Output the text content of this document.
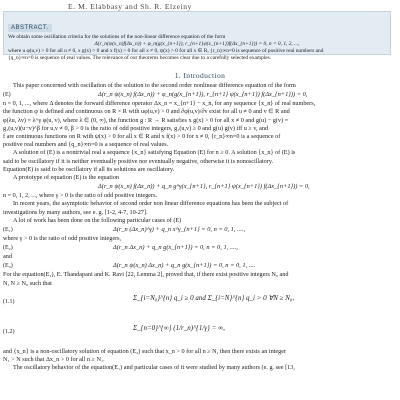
E. M. Elabbasy and Sh. R. Elzeiny
ABSTRACT.

We obtain some oscillation criteria for the solutions of the non-linear difference equation of the form

Δ(r_n(ψ(x_n)f(Δx_n)) + φ_n(g(x_{n+1}), r_{n+1}ψ(x_{n+1})f(Δx_{n+1})) = 0, n = 0, 1, 2, ...,

where u φ(u,v) > 0 for all u ≠ 0, x g(x) > 0 and x f(x) > 0 for all x ≠ 0, ψ(x) > 0 for all x ∈ R, {r_n}∞n=0 is sequence of positive real numbers and

{q_n}∞n=0 is sequence of real values. The relevance of our theorems becomes clear due to a carefully selected examples.

1. Introduction

This paper concerned with oscillation of the solution to the second order nonlinear difference equation of the form

(E)	Δ(r_n ψ(x_n) f(Δx_n)) + φ_n(g(x_{n+1}), r_{n+1} ψ(x_{n+1}) f(Δx_{n+1})) = 0,

n = 0, 1, ..., where Δ denotes the forward difference operator Δx_n = x_{n+1} − x_n, for any sequence {x_n} of real numbers,

the function φ is defined and continuous on R × R with uφ(u,v) > 0 and ∂φ(u,v)/∂v exist for all u ≠ 0 and v ∈ R and

φ(λu, λv) = λ^γ φ(u, v), where λ ∈ (0, ∞), the function g : R → R satisfies x g(x) > 0 for all x ≠ 0 and g(u) − g(v) =

g₁(u,v)(u−v)^β for u,v ≠ 0, β > 0 is the ratio of odd positive integers, g₁(u,v) ≥ 0 and g(u) g(v) iff u ≥ v, and

f are continuous functions on R with ψ(x) > 0 for all x ∈ R and x f(x) > 0 for x ≠ 0, {r_n}∞n=0 is a sequence of

positive real numbers and {q_n}∞n=0 is a sequence of real values.

A solution of (E) is a nontrivial real a sequence {x_n} satisfying Equation (E) for n ≥ 0. A solution {x_n} of (E) is

said to be oscillatory if it is neither eventually positive nor eventually negative, otherwise it is nonoscillatory.

Equation(E) is said to be oscillatory if all its solutions are oscillatory.

A prototype of equation (E) is the equation

Δ(r_n ψ(x_n) f(Δx_n)) + q_n g^γ(x_{n+1}, r_{n+1} ψ(x_{n+1}) f(Δx_{n+1})) = 0,

n = 0, 1, 2, ..., where γ > 0 is the ratio of odd positive integers.

In recent years, the asymptotic behavior of second order non linear difference equations has been the subject of

investigations by many authors, see e. g. [1-2, 4-7, 10-27].

A lot of work has been done on the following particular cases of (E)

(E₁)	Δ(r_n (Δx_n)^γ) + q_n x^γ_{n+1} = 0, n = 0, 1, ....,

where γ > 0 is the ratio of odd positive integers,

(E₂)	Δ(r_n Δx_n) + q_n g(x_{n+1}) = 0, n = 0, 1, ....,

and

(E₃)	Δ(r_n ψ(x_n) Δx_n) + q_n g(x_{n+1}) = 0, n = 0, 1, ....

For the equation(E₂), E. Thandapani and K. Ravi [22, Lemma 2], proved that, if there exist positive integers N₀ and

N, N ≥ N₀ such that

(1.1)	Σ_{i=N₀}^{n} q_i ≥ 0 and Σ_{i=N}^{n} q_i > 0 ∀N ≥ N₀,
(1.2)	Σ_{n=0}^{∞} (1/r_n)^{1/γ} = ∞,

and {x_n} is a non-oscillatory solution of equation (E₂) such that x_n > 0 for all n ≥ N, then there exists an integer

N₁ > N such that Δx_n > 0 for all n ≥ N₁.

The oscillatory behavior of the equation(E₁) and particular cases of it were studied by many authors (e. g. see [13,
